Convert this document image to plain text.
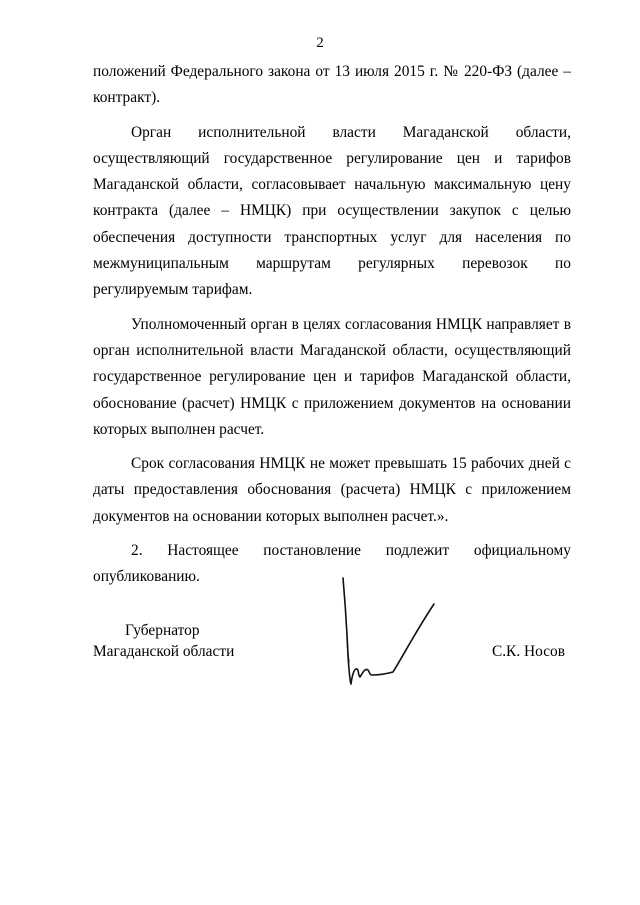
2

положений Федерального закона от 13 июля 2015 г. № 220-ФЗ (далее – контракт).

Орган исполнительной власти Магаданской области, осуществляющий государственное регулирование цен и тарифов Магаданской области, согласовывает начальную максимальную цену контракта (далее – НМЦК) при осуществлении закупок с целью обеспечения доступности транспортных услуг для населения по межмуниципальным маршрутам регулярных перевозок по регулируемым тарифам.

Уполномоченный орган в целях согласования НМЦК направляет в орган исполнительной власти Магаданской области, осуществляющий государственное регулирование цен и тарифов Магаданской области, обоснование (расчет) НМЦК с приложением документов на основании которых выполнен расчет.

Срок согласования НМЦК не может превышать 15 рабочих дней с даты предоставления обоснования (расчета) НМЦК с приложением документов на основании которых выполнен расчет.».

2. Настоящее постановление подлежит официальному опубликованию.

Губернатор
Магаданской области	С.К. Носов
